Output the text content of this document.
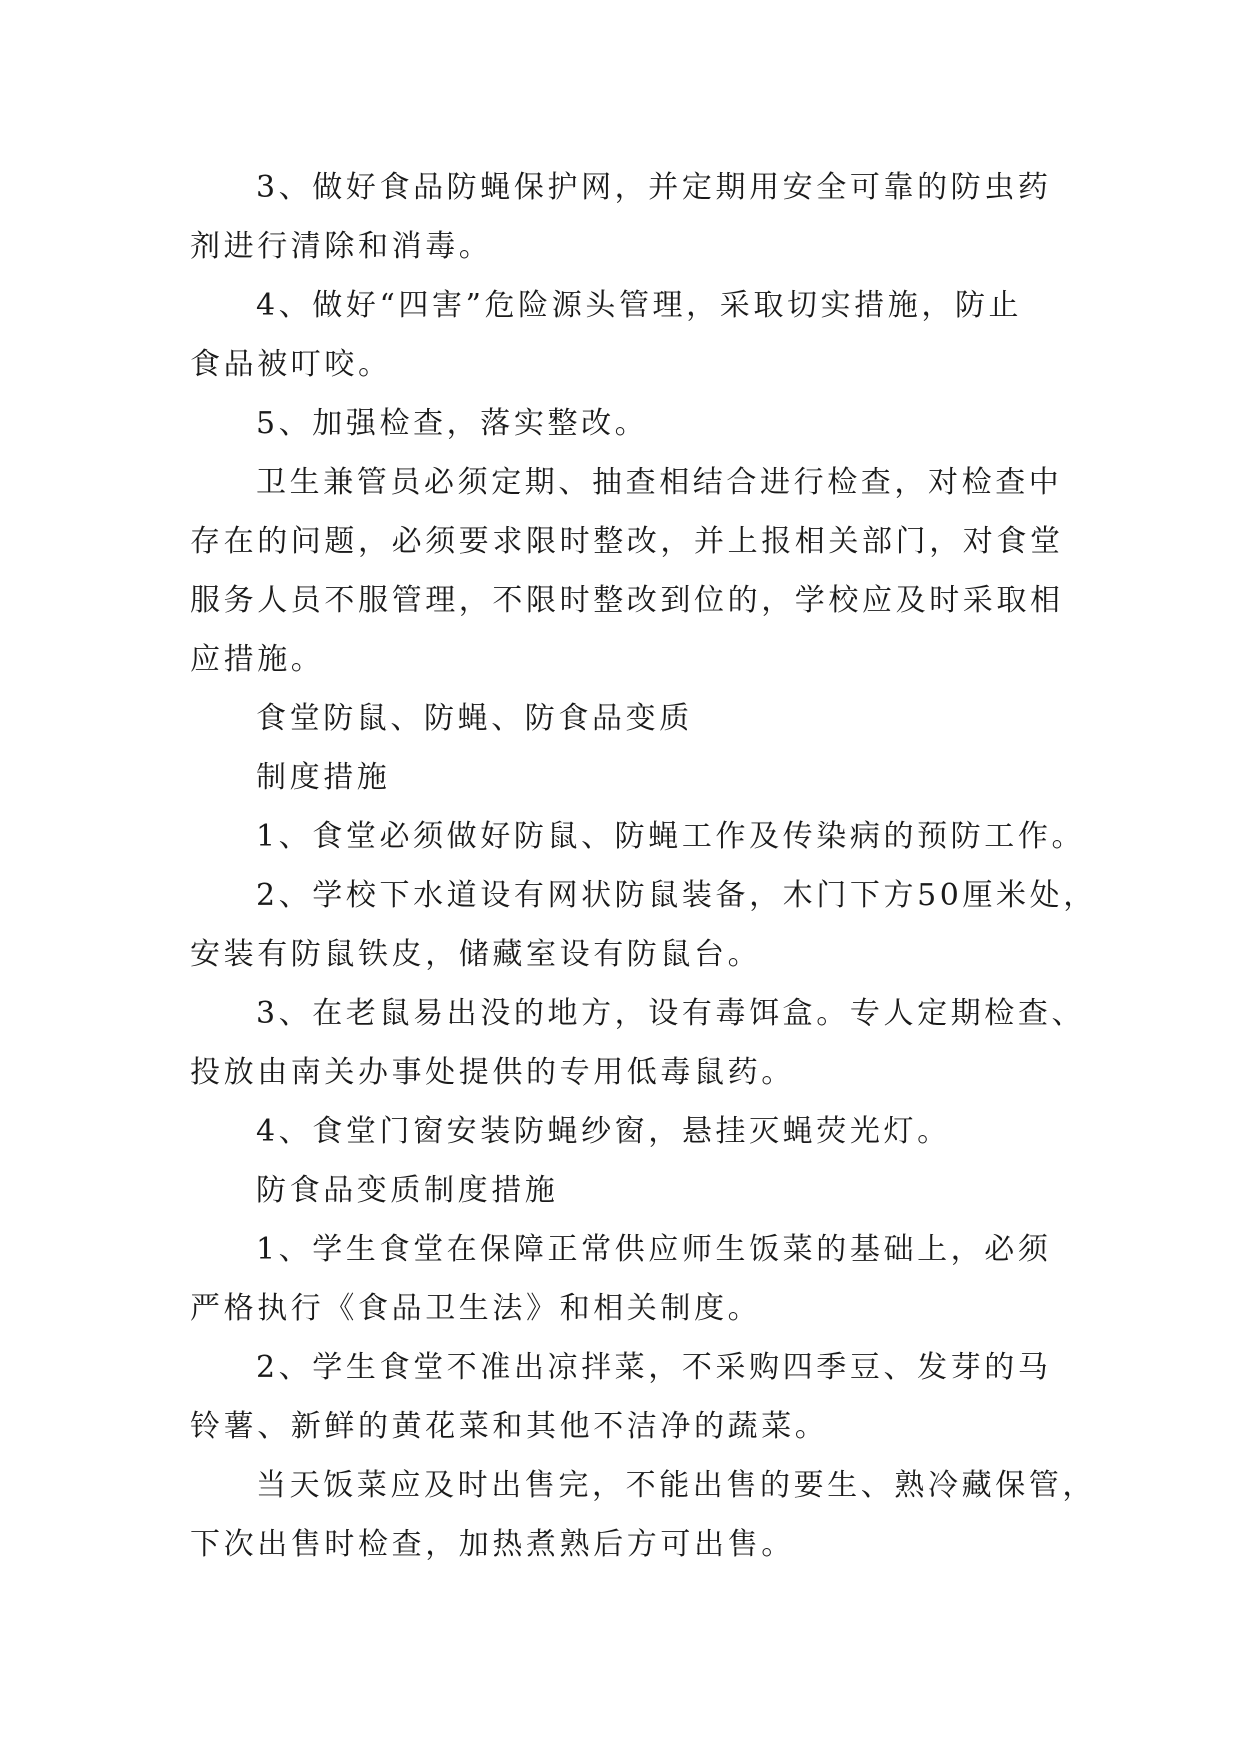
3、做好食品防蝇保护网，并定期用安全可靠的防虫药
剂进行清除和消毒。
4、做好“四害”危险源头管理，采取切实措施，防止
食品被叮咬。
5、加强检查，落实整改。
卫生兼管员必须定期、抽查相结合进行检查，对检查中
存在的问题，必须要求限时整改，并上报相关部门，对食堂
服务人员不服管理，不限时整改到位的，学校应及时采取相
应措施。
食堂防鼠、防蝇、防食品变质
制度措施
1、食堂必须做好防鼠、防蝇工作及传染病的预防工作。
2、学校下水道设有网状防鼠装备，木门下方50厘米处，
安装有防鼠铁皮，储藏室设有防鼠台。
3、在老鼠易出没的地方，设有毒饵盒。专人定期检查、
投放由南关办事处提供的专用低毒鼠药。
4、食堂门窗安装防蝇纱窗，悬挂灭蝇荧光灯。
防食品变质制度措施
1、学生食堂在保障正常供应师生饭菜的基础上，必须
严格执行《食品卫生法》和相关制度。
2、学生食堂不准出凉拌菜，不采购四季豆、发芽的马
铃薯、新鲜的黄花菜和其他不洁净的蔬菜。
当天饭菜应及时出售完，不能出售的要生、熟冷藏保管，
下次出售时检查，加热煮熟后方可出售。
